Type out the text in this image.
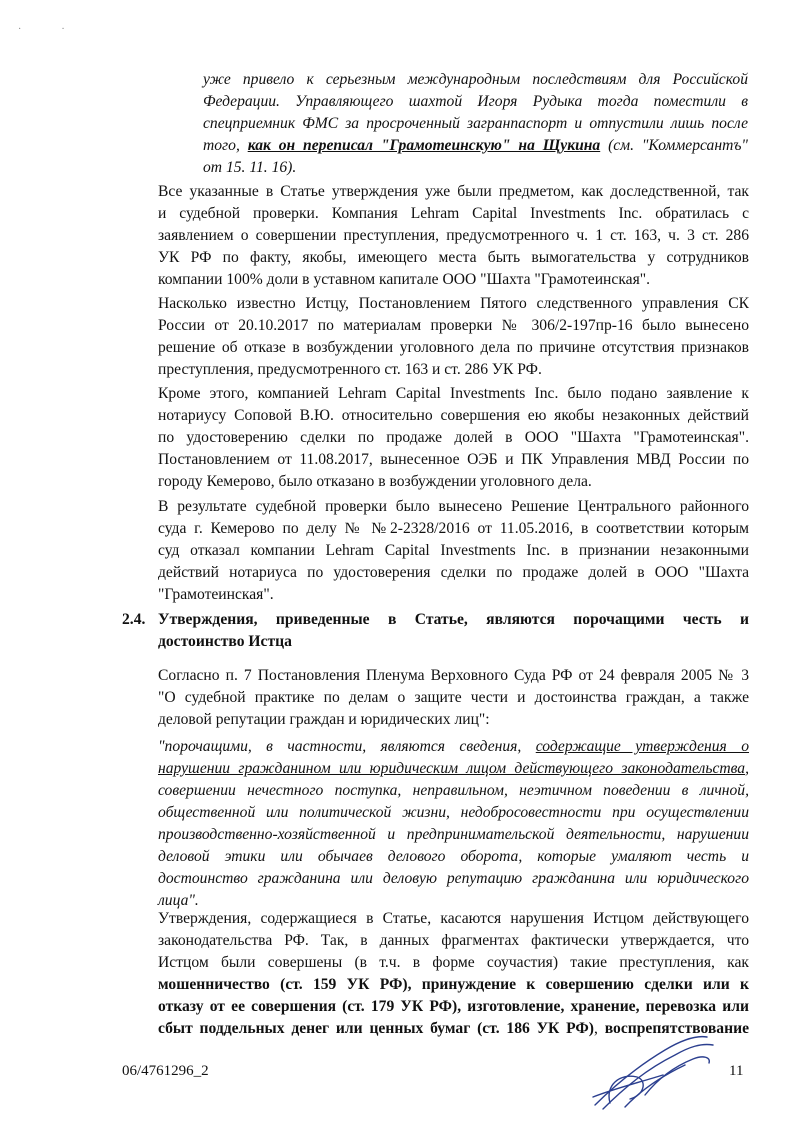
··
уже привело к серьезным международным последствиям для Российской
Федерации. Управляющего шахтой Игоря Рудыка тогда поместили в
спецприемник ФМС за просроченный загранпаспорт и отпустили лишь после
того, как он переписал "Грамотеинскую" на Щукина (см. "Коммерсантъ"
от 15. 11. 16).
Все указанные в Статье утверждения уже были предметом, как доследственной, так
и судебной проверки. Компания Lehram Capital Investments Inc. обратилась с
заявлением о совершении преступления, предусмотренного ч. 1 ст. 163, ч. 3 ст. 286
УК РФ по факту, якобы, имеющего места быть вымогательства у сотрудников
компании 100% доли в уставном капитале ООО "Шахта "Грамотеинская".
Насколько известно Истцу, Постановлением Пятого следственного управления СК
России от 20.10.2017 по материалам проверки № 306/2-197пр-16 было вынесено
решение об отказе в возбуждении уголовного дела по причине отсутствия признаков
преступления, предусмотренного ст. 163 и ст. 286 УК РФ.
Кроме этого, компанией Lehram Capital Investments Inc. было подано заявление к
нотариусу Соповой В.Ю. относительно совершения ею якобы незаконных действий
по удостоверению сделки по продаже долей в ООО "Шахта "Грамотеинская".
Постановлением от 11.08.2017, вынесенное ОЭБ и ПК Управления МВД России по
городу Кемерово, было отказано в возбуждении уголовного дела.
В результате судебной проверки было вынесено Решение Центрального районного
суда г. Кемерово по делу № №2-2328/2016 от 11.05.2016, в соответствии которым
суд отказал компании Lehram Capital Investments Inc. в признании незаконными
действий нотариуса по удостоверения сделки по продаже долей в ООО "Шахта
"Грамотеинская".
2.4. Утверждения, приведенные в Статье, являются порочащими честь и
достоинство Истца
Согласно п. 7 Постановления Пленума Верховного Суда РФ от 24 февраля 2005 № 3
"О судебной практике по делам о защите чести и достоинства граждан, а также
деловой репутации граждан и юридических лиц":
"порочащими, в частности, являются сведения, содержащие утверждения о
нарушении гражданином или юридическим лицом действующего законодательства,
совершении нечестного поступка, неправильном, неэтичном поведении в личной,
общественной или политической жизни, недобросовестности при осуществлении
производственно-хозяйственной и предпринимательской деятельности, нарушении
деловой этики или обычаев делового оборота, которые умаляют честь и
достоинство гражданина или деловую репутацию гражданина или юридического
лица".
Утверждения, содержащиеся в Статье, касаются нарушения Истцом действующего
законодательства РФ. Так, в данных фрагментах фактически утверждается, что
Истцом были совершены (в т.ч. в форме соучастия) такие преступления, как
мошенничество (ст. 159 УК РФ), принуждение к совершению сделки или к
отказу от ее совершения (ст. 179 УК РФ), изготовление, хранение, перевозка или
сбыт поддельных денег или ценных бумаг (ст. 186 УК РФ), воспрепятствование
06/4761296_2	11
